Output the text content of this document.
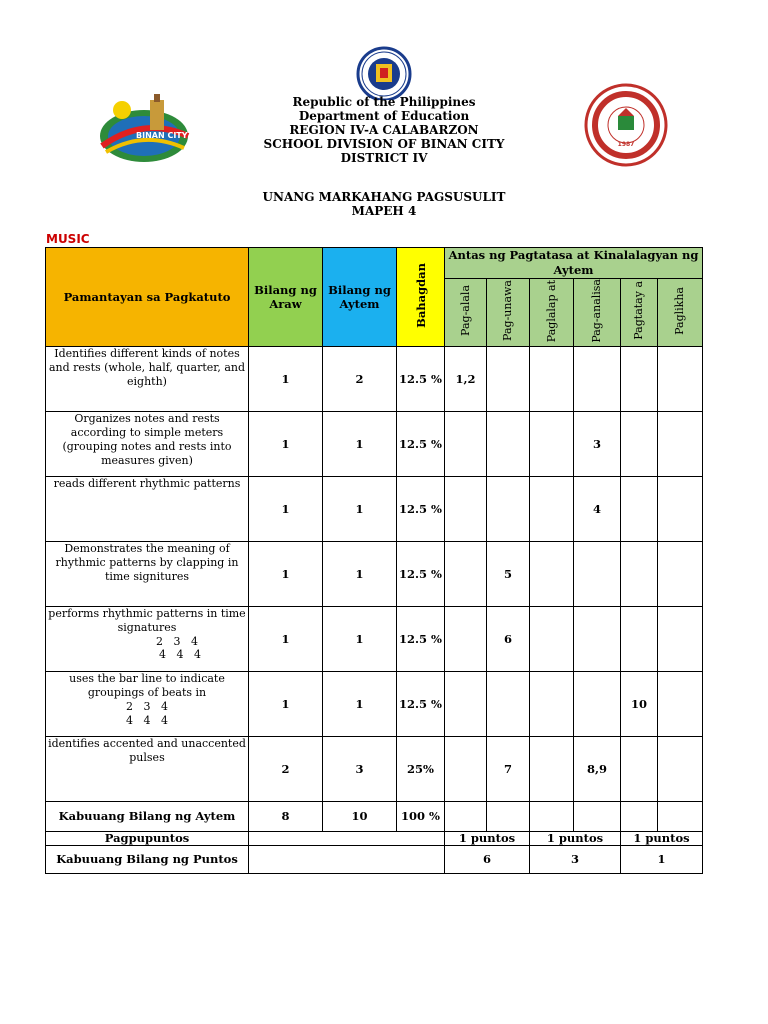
BINAN CITY
1987
Republic of the Philippines
Department of Education
REGION IV-A CALABARZON
SCHOOL DIVISION OF BINAN CITY
DISTRICT IV
UNANG MARKAHANG PAGSUSULIT
MAPEH 4
MUSIC
Pamantayan sa Pagkatuto	Bilang ng Araw	Bilang ng Aytem	Bahagdan	Antas ng Pagtatasa at Kinalalagyan ng Aytem					
				Pag-alala	Pag-unawa	Paglalap at	Pag-analisa	Pagtatay a	Paglikha
Identifies different kinds of notes and rests (whole, half, quarter, and eighth)	1	2	12.5 %	1,2					
Organizes notes and rests according to simple meters (grouping notes and rests into measures given)	1	1	12.5 %				3		
reads different rhythmic patterns	1	1	12.5 %				4		
Demonstrates the meaning of rhythmic patterns by clapping in time signitures	1	1	12.5 %		5				

performs rhythmic patterns in time signatures
2   3   4
4   4   4	1	1	12.5 %		6				

uses the bar line to indicate groupings of beats in
2   3   4
4   4   4	1	1	12.5 %					10	
identifies accented and unaccented pulses	2	3	25%		7		8,9		
Kabuuang Bilang ng Aytem	8	10	100 %						
Pagpupuntos				1 puntos		1 puntos		1 puntos	
Kabuuang Bilang ng Puntos				6		3		1	
